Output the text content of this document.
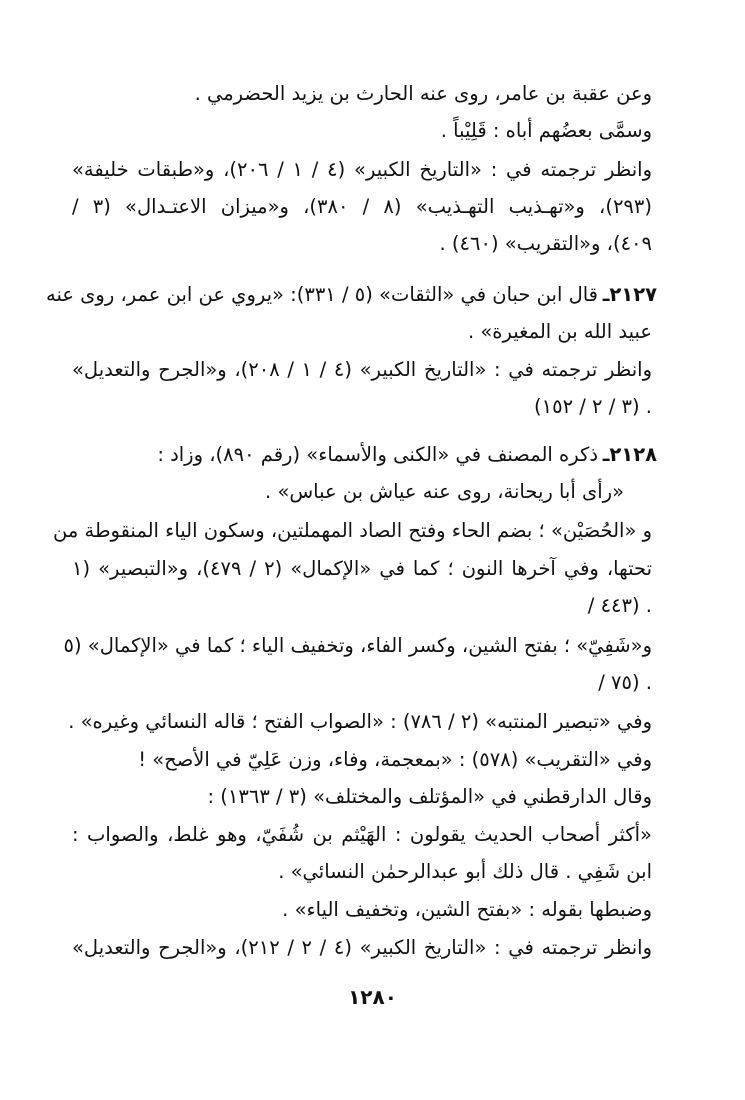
وعن عقبة بن عامر، روى عنه الحارث بن يزيد الحضرمي .
وسمَّى بعضُهم أباه : قَلِيْباً .
وانظر ترجمته في : «التاريخ الكبير» (٤ / ١ / ٢٠٦)، و«طبقات خليفة»
(٢٩٣)، و«تهـذيب التهـذيب» (٨ / ٣٨٠)، و«ميزان الاعتـدال» (٣ /
٤٠٩)، و«التقريب» (٤٦٠) .
٢١٢٧ـ
قال ابن حبان في «الثقات» (٥ / ٣٣١): «يروي عن ابن عمر، روى عنه
عبيد الله بن المغيرة» .
وانظر ترجمته في : «التاريخ الكبير» (٤ / ١ / ٢٠٨)، و«الجرح والتعديل»
(٣ / ٢ / ١٥٢) .
٢١٢٨ـ
ذكره المصنف في «الكنى والأسماء» (رقم ٨٩٠)، وزاد :
«رأى أبا ريحانة، روى عنه عياش بن عباس» .
و «الحُصَيْن» ؛ بضم الحاء وفتح الصاد المهملتين، وسكون الياء المنقوطة من
تحتها، وفي آخرها النون ؛ كما في «الإكمال» (٢ / ٤٧٩)، و«التبصير» (١
/ ٤٤٣) .
و«شَفِيّ» ؛ بفتح الشين، وكسر الفاء، وتخفيف الياء ؛ كما في «الإكمال» (٥
/ ٧٥) .
وفي «تبصير المنتبه» (٢ / ٧٨٦) : «الصواب الفتح ؛ قاله النسائي وغيره» .
وفي «التقريب» (٥٧٨) : «بمعجمة، وفاء، وزن عَلِيّ في الأصح» !
وقال الدارقطني في «المؤتلف والمختلف» (٣ / ١٣٦٣) :
«أكثر أصحاب الحديث يقولون : الهَيْثم بن شُفَيّ، وهو غلط، والصواب :
ابن شَفِي . قال ذلك أبو عبدالرحمٰن النسائي» .
وضبطها بقوله : «بفتح الشين، وتخفيف الياء» .
وانظر ترجمته في : «التاريخ الكبير» (٤ / ٢ / ٢١٢)، و«الجرح والتعديل»
١٢٨٠
